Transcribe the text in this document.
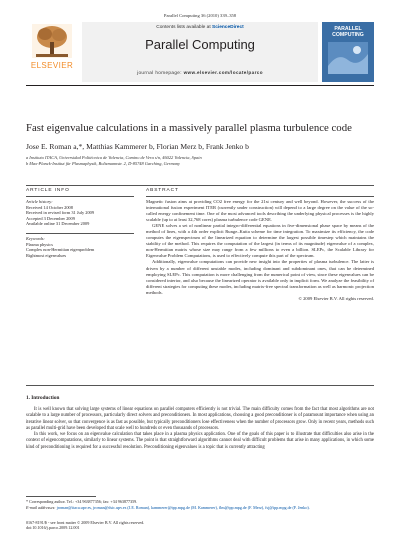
Parallel Computing 36 (2010) 339–358
ELSEVIER
Contents lists available at ScienceDirect
Parallel Computing
journal homepage: www.elsevier.com/locate/parco
PARALLEL COMPUTING
Fast eigenvalue calculations in a massively parallel plasma turbulence code
Jose E. Roman a,*, Matthias Kammerer b, Florian Merz b, Frank Jenko b
a Instituto ITACA, Universidad Politécnica de Valencia, Camino de Vera s/n, 46022 Valencia, Spain
b Max-Planck-Institut für Plasmaphysik, Boltzmannstr. 2, D-85748 Garching, Germany
ARTICLE INFO	ABSTRACT
Article history:
Received 14 October 2008
Received in revised form 31 July 2009
Accepted 3 December 2009
Available online 31 December 2009
Keywords:
Plasma physics
Complex non-Hermitian eigenproblem
Rightmost eigenvalues

Magnetic fusion aims at providing CO2 free energy for the 21st century and well beyond. However, the success of the international fusion experiment ITER (currently under construction) will depend to a large degree on the value of the so-called energy confinement time. One of the most advanced tools describing the underlying physical processes is the highly scalable (up to at least 32,768 cores) plasma turbulence code GENE.

GENE solves a set of nonlinear partial integro-differential equations in five-dimensional phase space by means of the method of lines, with a 4th order explicit Runge–Kutta scheme for time integration. To maximize its efficiency, the code computes the eigenspectrum of the linearized equation to determine the largest possible timestep which maintains the stability of the method. This requires the computation of the largest (in terms of its magnitude) eigenvalue of a complex, non-Hermitian matrix whose size may range from a few millions to even a billion. SLEPc, the Scalable Library for Eigenvalue Problem Computations, is used to effectively compute this part of the spectrum.

Additionally, eigenvalue computations can provide new insight into the properties of plasma turbulence. The latter is driven by a number of different unstable modes, including dominant and subdominant ones, that can be determined employing SLEPc. This computation is more challenging from the numerical point of view, since these eigenvalues can be considered interior, and also because the linearized operator is available only in implicit form. We analyze the feasibility of different strategies for computing these modes, including matrix-free spectral transformation as well as harmonic projection methods.

© 2009 Elsevier B.V. All rights reserved.
1. Introduction

It is well known that solving large systems of linear equations on parallel computers efficiently is not trivial. The main difficulty comes from the fact that most algorithms are not scalable to a large number of processors, particularly direct solvers and preconditioners. In most applications, choosing a good preconditioner is of paramount importance when using an iterative linear solver, so that convergence is as fast as possible, but typically preconditioners lose effectiveness when the number of processors grow. Only in recent years, methods such as parallel multi-grid have been developed that scale well to hundreds or even thousands of processors.

In this work, we focus on an eigenvalue calculation that takes place in a plasma physics application. One of the goals of this paper is to illustrate that difficulties also arise in the context of eigencomputations, similarly to linear systems. The point is that straightforward algorithms cannot deal with difficult problems that arise in many applications, in which some kind of preconditioning is required for a successful resolution. Preconditioning eigenvalues is a topic that is currently attracting

* Corresponding author. Tel.: +34 963877356; fax: +34 963877359.
E-mail addresses: jroman@itaca.upv.es, jroman@dsic.upv.es (J.E. Roman), kammerer@ipp.mpg.de (M. Kammerer), flm@ipp.mpg.de (F. Merz), fsj@ipp.mpg.de (F. Jenko).
0167-8191/$ - see front matter © 2009 Elsevier B.V. All rights reserved.
doi:10.1016/j.parco.2009.12.001
